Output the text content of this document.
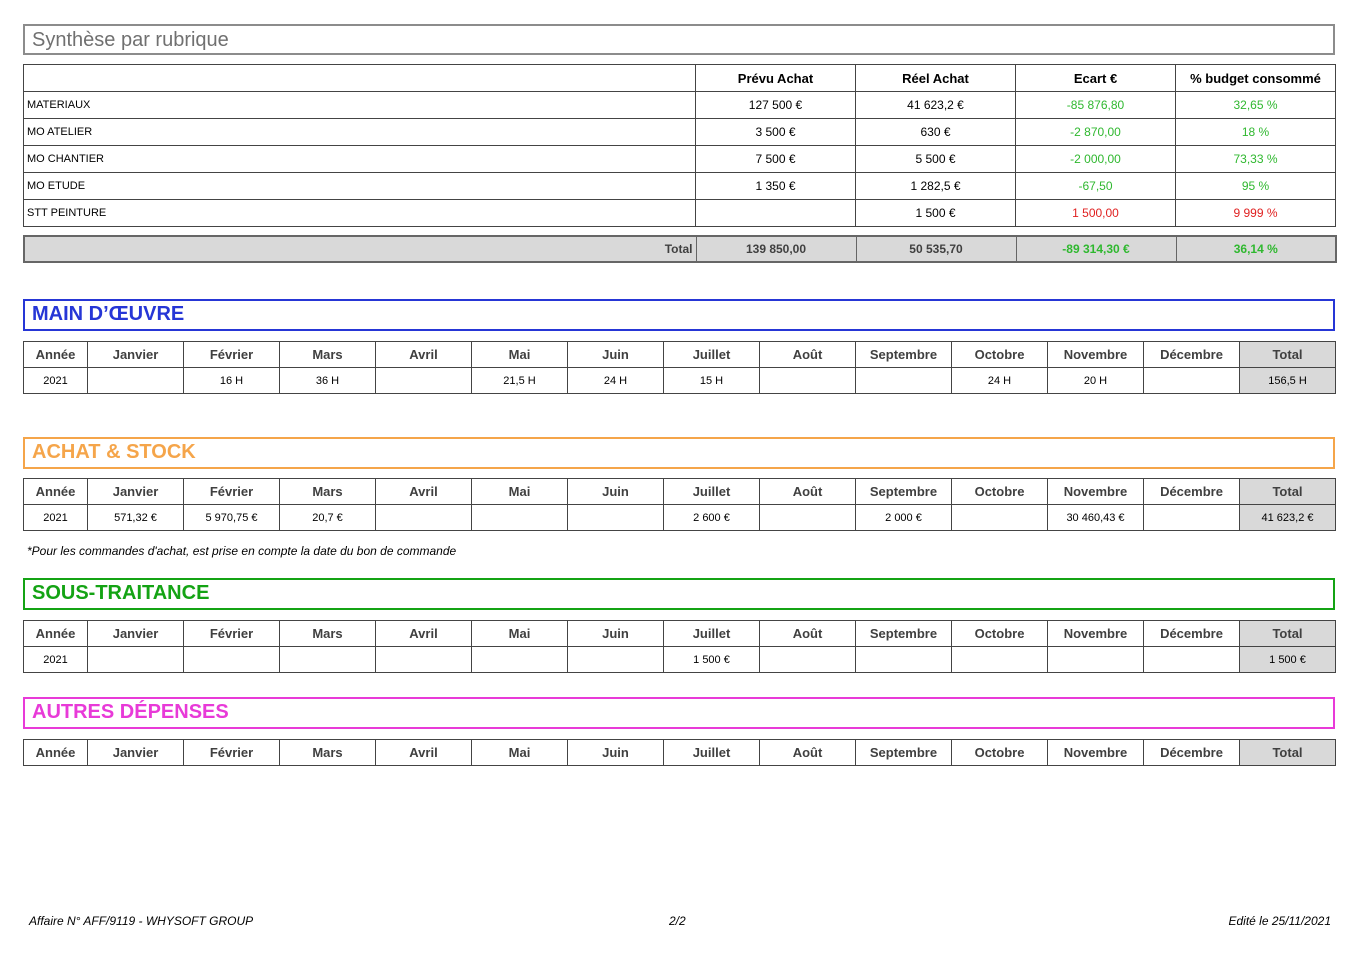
Synthèse par rubrique
	Prévu Achat	Réel Achat	Ecart €	% budget consommé
MATERIAUX	127 500 €	41 623,2 €	-85 876,80	32,65 %
MO ATELIER	3 500 €	630 €	-2 870,00	18 %
MO CHANTIER	7 500 €	5 500 €	-2 000,00	73,33 %
MO ETUDE	1 350 €	1 282,5 €	-67,50	95 %
STT PEINTURE		1 500 €	1 500,00	9 999 %
Total	139 850,00	50 535,70	-89 314,30 €	36,14 %
MAIN D’ŒUVRE
Année	Janvier	Février	Mars	Avril	Mai	Juin	Juillet	Août	Septembre	Octobre	Novembre	Décembre	Total
2021		16 H	36 H		21,5 H	24 H	15 H			24 H	20 H		156,5 H
ACHAT & STOCK
Année	Janvier	Février	Mars	Avril	Mai	Juin	Juillet	Août	Septembre	Octobre	Novembre	Décembre	Total
2021	571,32 €	5 970,75 €	20,7 €				2 600 €		2 000 €		30 460,43 €		41 623,2 €
*Pour les commandes d'achat, est prise en compte la date du bon de commande
SOUS-TRAITANCE
Année	Janvier	Février	Mars	Avril	Mai	Juin	Juillet	Août	Septembre	Octobre	Novembre	Décembre	Total
2021							1 500 €						1 500 €
AUTRES DÉPENSES
Année	Janvier	Février	Mars	Avril	Mai	Juin	Juillet	Août	Septembre	Octobre	Novembre	Décembre	Total
Affaire N° AFF/9119 - WHYSOFT GROUP	2/2	Edité le 25/11/2021
